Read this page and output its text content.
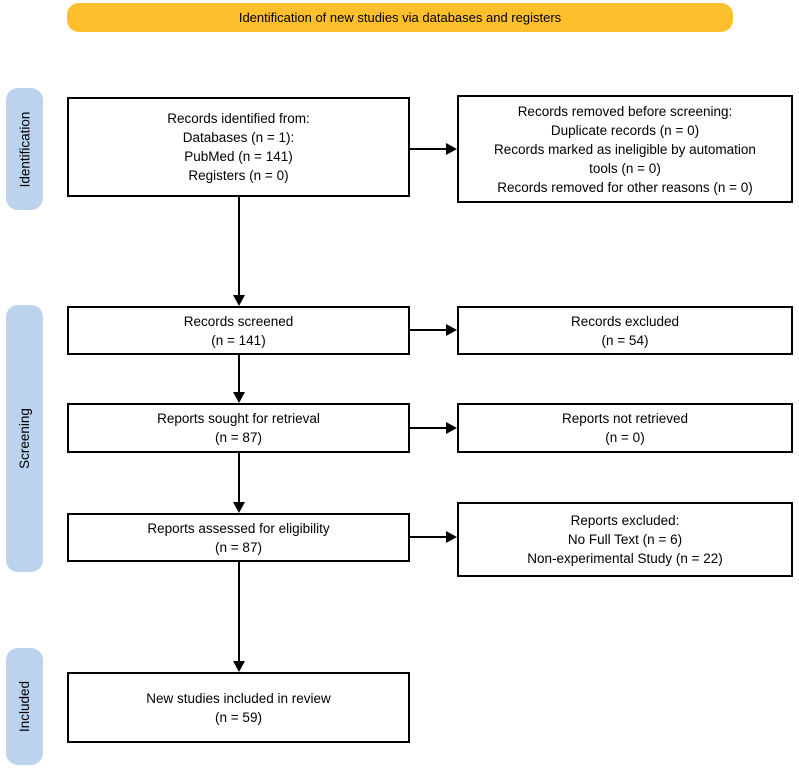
Identification of new studies via databases and registers
Identification
Screening
Included
Records identified from:
Databases (n = 1):
PubMed (n = 141)
Registers (n = 0)
Records screened
(n = 141)
Reports sought for retrieval
(n = 87)
Reports assessed for eligibility
(n = 87)
New studies included in review
(n = 59)
Records removed before screening:
Duplicate records (n = 0)
Records marked as ineligible by automation tools (n = 0)
Records removed for other reasons (n = 0)
Records excluded
(n = 54)
Reports not retrieved
(n = 0)
Reports excluded:
No Full Text (n = 6)
Non-experimental Study (n = 22)
